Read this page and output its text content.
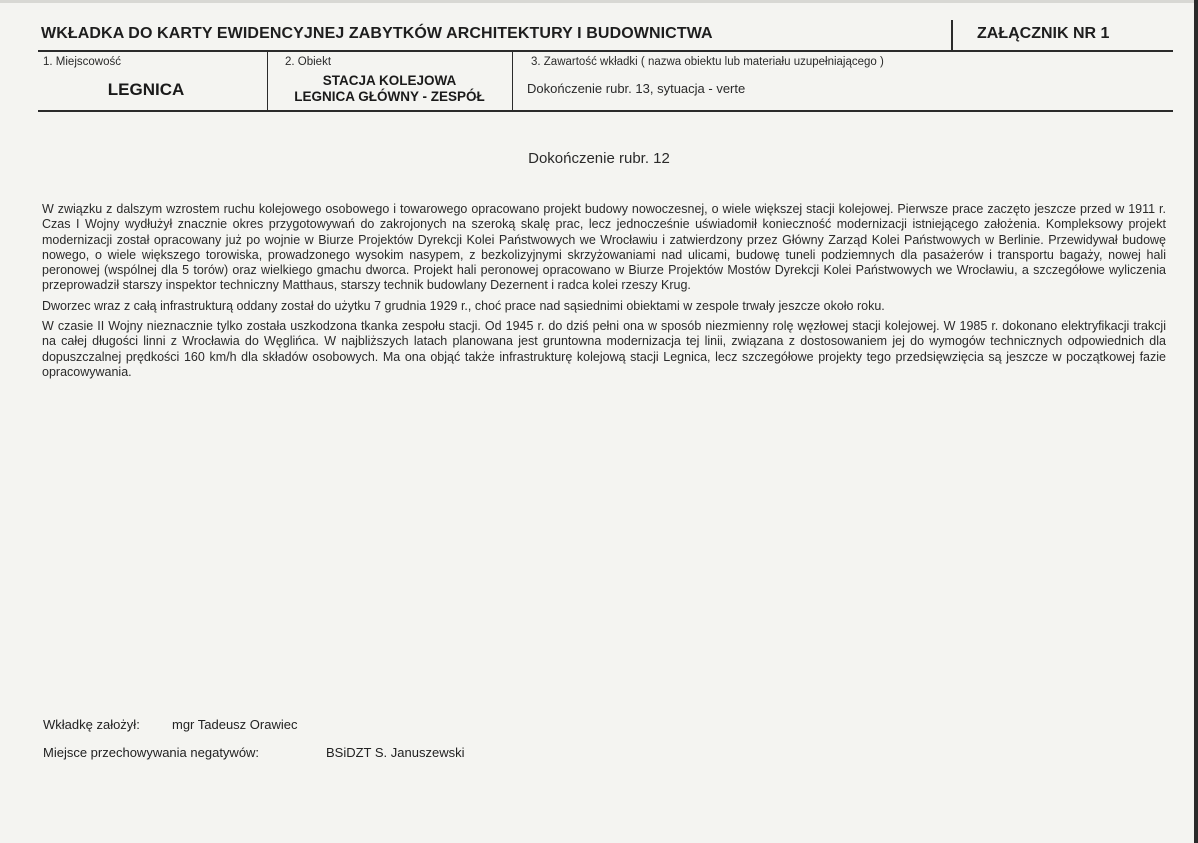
WKŁADKA DO KARTY EWIDENCYJNEJ ZABYTKÓW ARCHITEKTURY I BUDOWNICTWA	ZAŁĄCZNIK NR 1
1. Miejscowość
LEGNICA
2. Obiekt
STACJA KOLEJOWA
LEGNICA GŁÓWNY - ZESPÓŁ
3. Zawartość wkładki ( nazwa obiektu lub materiału uzupełniającego )
Dokończenie rubr. 13, sytuacja - verte
Dokończenie rubr. 12

W związku z dalszym wzrostem ruchu kolejowego osobowego i towarowego opracowano projekt budowy nowoczesnej, o wiele większej stacji kolejowej. Pierwsze prace zaczęto jeszcze przed w 1911 r. Czas I Wojny wydłużył znacznie okres przygotowywań do zakrojonych na szeroką skalę prac, lecz jednocześnie uświadomił konieczność modernizacji istniejącego założenia. Kompleksowy projekt modernizacji został opracowany już po wojnie w Biurze Projektów Dyrekcji Kolei Państwowych we Wrocławiu i zatwierdzony przez Główny Zarząd Kolei Państwowych w Berlinie. Przewidywał budowę nowego, o wiele większego torowiska, prowadzonego wysokim nasypem, z bezkolizyjnymi skrzyżowaniami nad ulicami, budowę tuneli podziemnych dla pasażerów i transportu bagaży, nowej hali peronowej (wspólnej dla 5 torów) oraz wielkiego gmachu dworca. Projekt hali peronowej opracowano w Biurze Projektów Mostów Dyrekcji Kolei Państwowych we Wrocławiu, a szczegółowe wyliczenia przeprowadził starszy inspektor techniczny Matthaus, starszy technik budowlany Dezernent i radca kolei rzeszy Krug.

Dworzec wraz z całą infrastrukturą oddany został do użytku 7 grudnia 1929 r., choć prace nad sąsiednimi obiektami w zespole trwały jeszcze około roku.

W czasie II Wojny nieznacznie tylko została uszkodzona tkanka zespołu stacji. Od 1945 r. do dziś pełni ona w sposób niezmienny rolę węzłowej stacji kolejowej. W 1985 r. dokonano elektryfikacji trakcji na całej długości linni z Wrocławia do Węglińca. W najbliższych latach planowana jest gruntowna modernizacja tej linii, związana z dostosowaniem jej do wymogów technicznych odpowiednich dla dopuszczalnej prędkości 160 km/h dla składów osobowych. Ma ona objąć także infrastrukturę kolejową stacji Legnica, lecz szczegółowe projekty tego przedsięwzięcia są jeszcze w początkowej fazie opracowywania.

Wkładkę założył: mgr Tadeusz Orawiec
Miejsce przechowywania negatywów:	BSiDZT S. Januszewski
